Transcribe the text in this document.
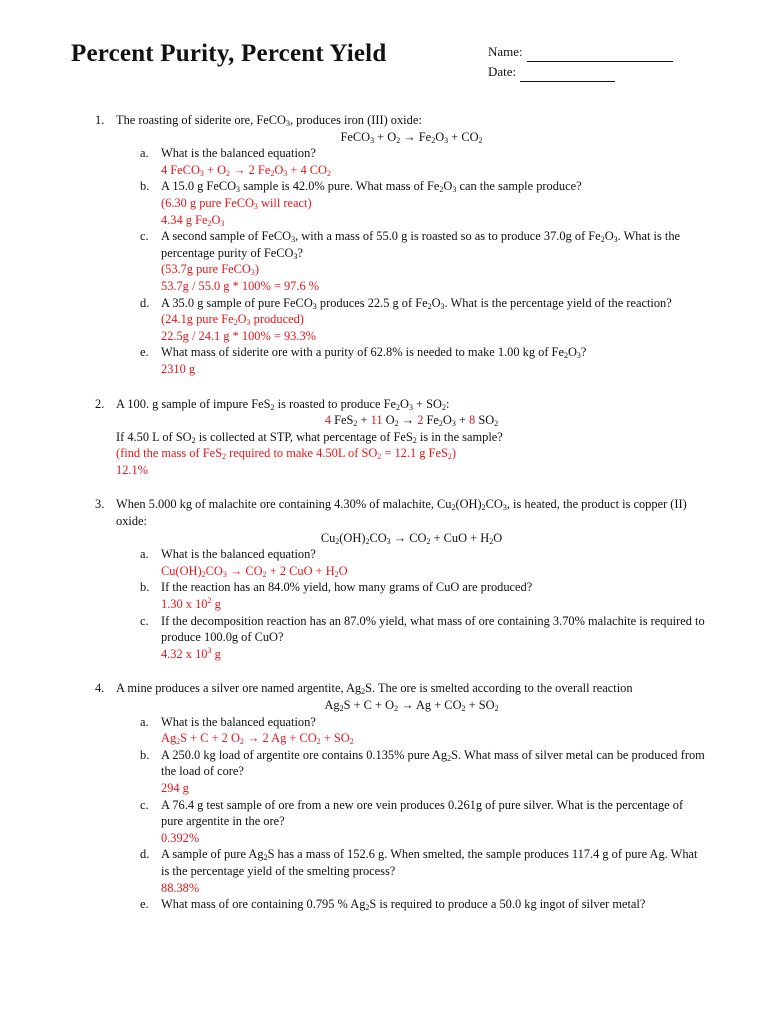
Percent Purity, Percent Yield	Name:
Date:
1. The roasting of siderite ore, FeCO$_3$, produces iron (III) oxide:
FeCO$_3$ + $O_2 \to Fe_2O_3 + CO_2$
a. What is the balanced equation?
4 FeCO$_3$ + $O_2 \to 2$ $Fe_2O_3 + 4$ $CO_2$
b. A 15.0 g FeCO$_3$ sample is 42.0% pure. What mass of $Fe_2O_3$ can the sample produce?
(6.30 g pure FeCO$_3$ will react)
4.34 g $Fe_2O_3$
c. A second sample of FeCO$_3$, with a mass of 55.0 g is roasted so as to produce 37.0g of $Fe_2O_3$. What is the percentage purity of FeCO$_3$?
(53.7g pure FeCO$_3$)
53.7g / 55.0 g * 100% = 97.6 %
d. A 35.0 g sample of pure FeCO$_3$ produces 22.5 g of $Fe_2O_3$. What is the percentage yield of the reaction?
(24.1g pure $Fe_2O_3$ produced)
22.5g / 24.1 g * 100% = 93.3%
e. What mass of siderite ore with a purity of 62.8% is needed to make 1.00 kg of $Fe_2O_3$?
2310 g
2. A 100. g sample of impure FeS$_2$ is roasted to produce $Fe_2O_3 + SO_2$:
4 FeS$_2$ + 11 $O_2 \to 2$ $Fe_2O_3 + 8$ $SO_2$
If 4.50 L of $SO_2$ is collected at STP, what percentage of FeS$_2$ is in the sample?
(find the mass of FeS$_2$ required to make 4.50L of $SO_2 = 12.1$ g FeS$_2$)
12.1%
3. When 5.000 kg of malachite ore containing 4.30% of malachite, $Cu_2(OH)_2CO_3$, is heated, the product is copper (II) oxide:
$Cu_2(OH)_2CO_3 \to CO_2$ + CuO + $H_2O$
a. What is the balanced equation?
$Cu(OH)_2CO_3 \to CO_2 + 2$ CuO + $H_2O$
b. If the reaction has an 84.0% yield, how many grams of CuO are produced?
1.30 x $10^2$ g
c. If the decomposition reaction has an 87.0% yield, what mass of ore containing 3.70% malachite is required to produce 100.0g of CuO?
4.32 x $10^3$ g
4. A mine produces a silver ore named argentite, $Ag_2S$. The ore is smelted according to the overall reaction
$Ag_2S + C + O_2 \to Ag + CO_2 + SO_2$
a. What is the balanced equation?
$Ag_2S + C + 2$ $O_2 \to 2$ $Ag + CO_2 + SO_2$
b. A 250.0 kg load of argentite ore contains 0.135% pure $Ag_2S$. What mass of silver metal can be produced from the load of core?
294 g
c. A 76.4 g test sample of ore from a new ore vein produces 0.261g of pure silver. What is the percentage of pure argentite in the ore?
0.392%
d. A sample of pure $Ag_2S$ has a mass of 152.6 g. When smelted, the sample produces 117.4 g of pure Ag. What is the percentage yield of the smelting process?
88.38%
e. What mass of ore containing 0.795 % $Ag_2S$ is required to produce a 50.0 kg ingot of silver metal?
